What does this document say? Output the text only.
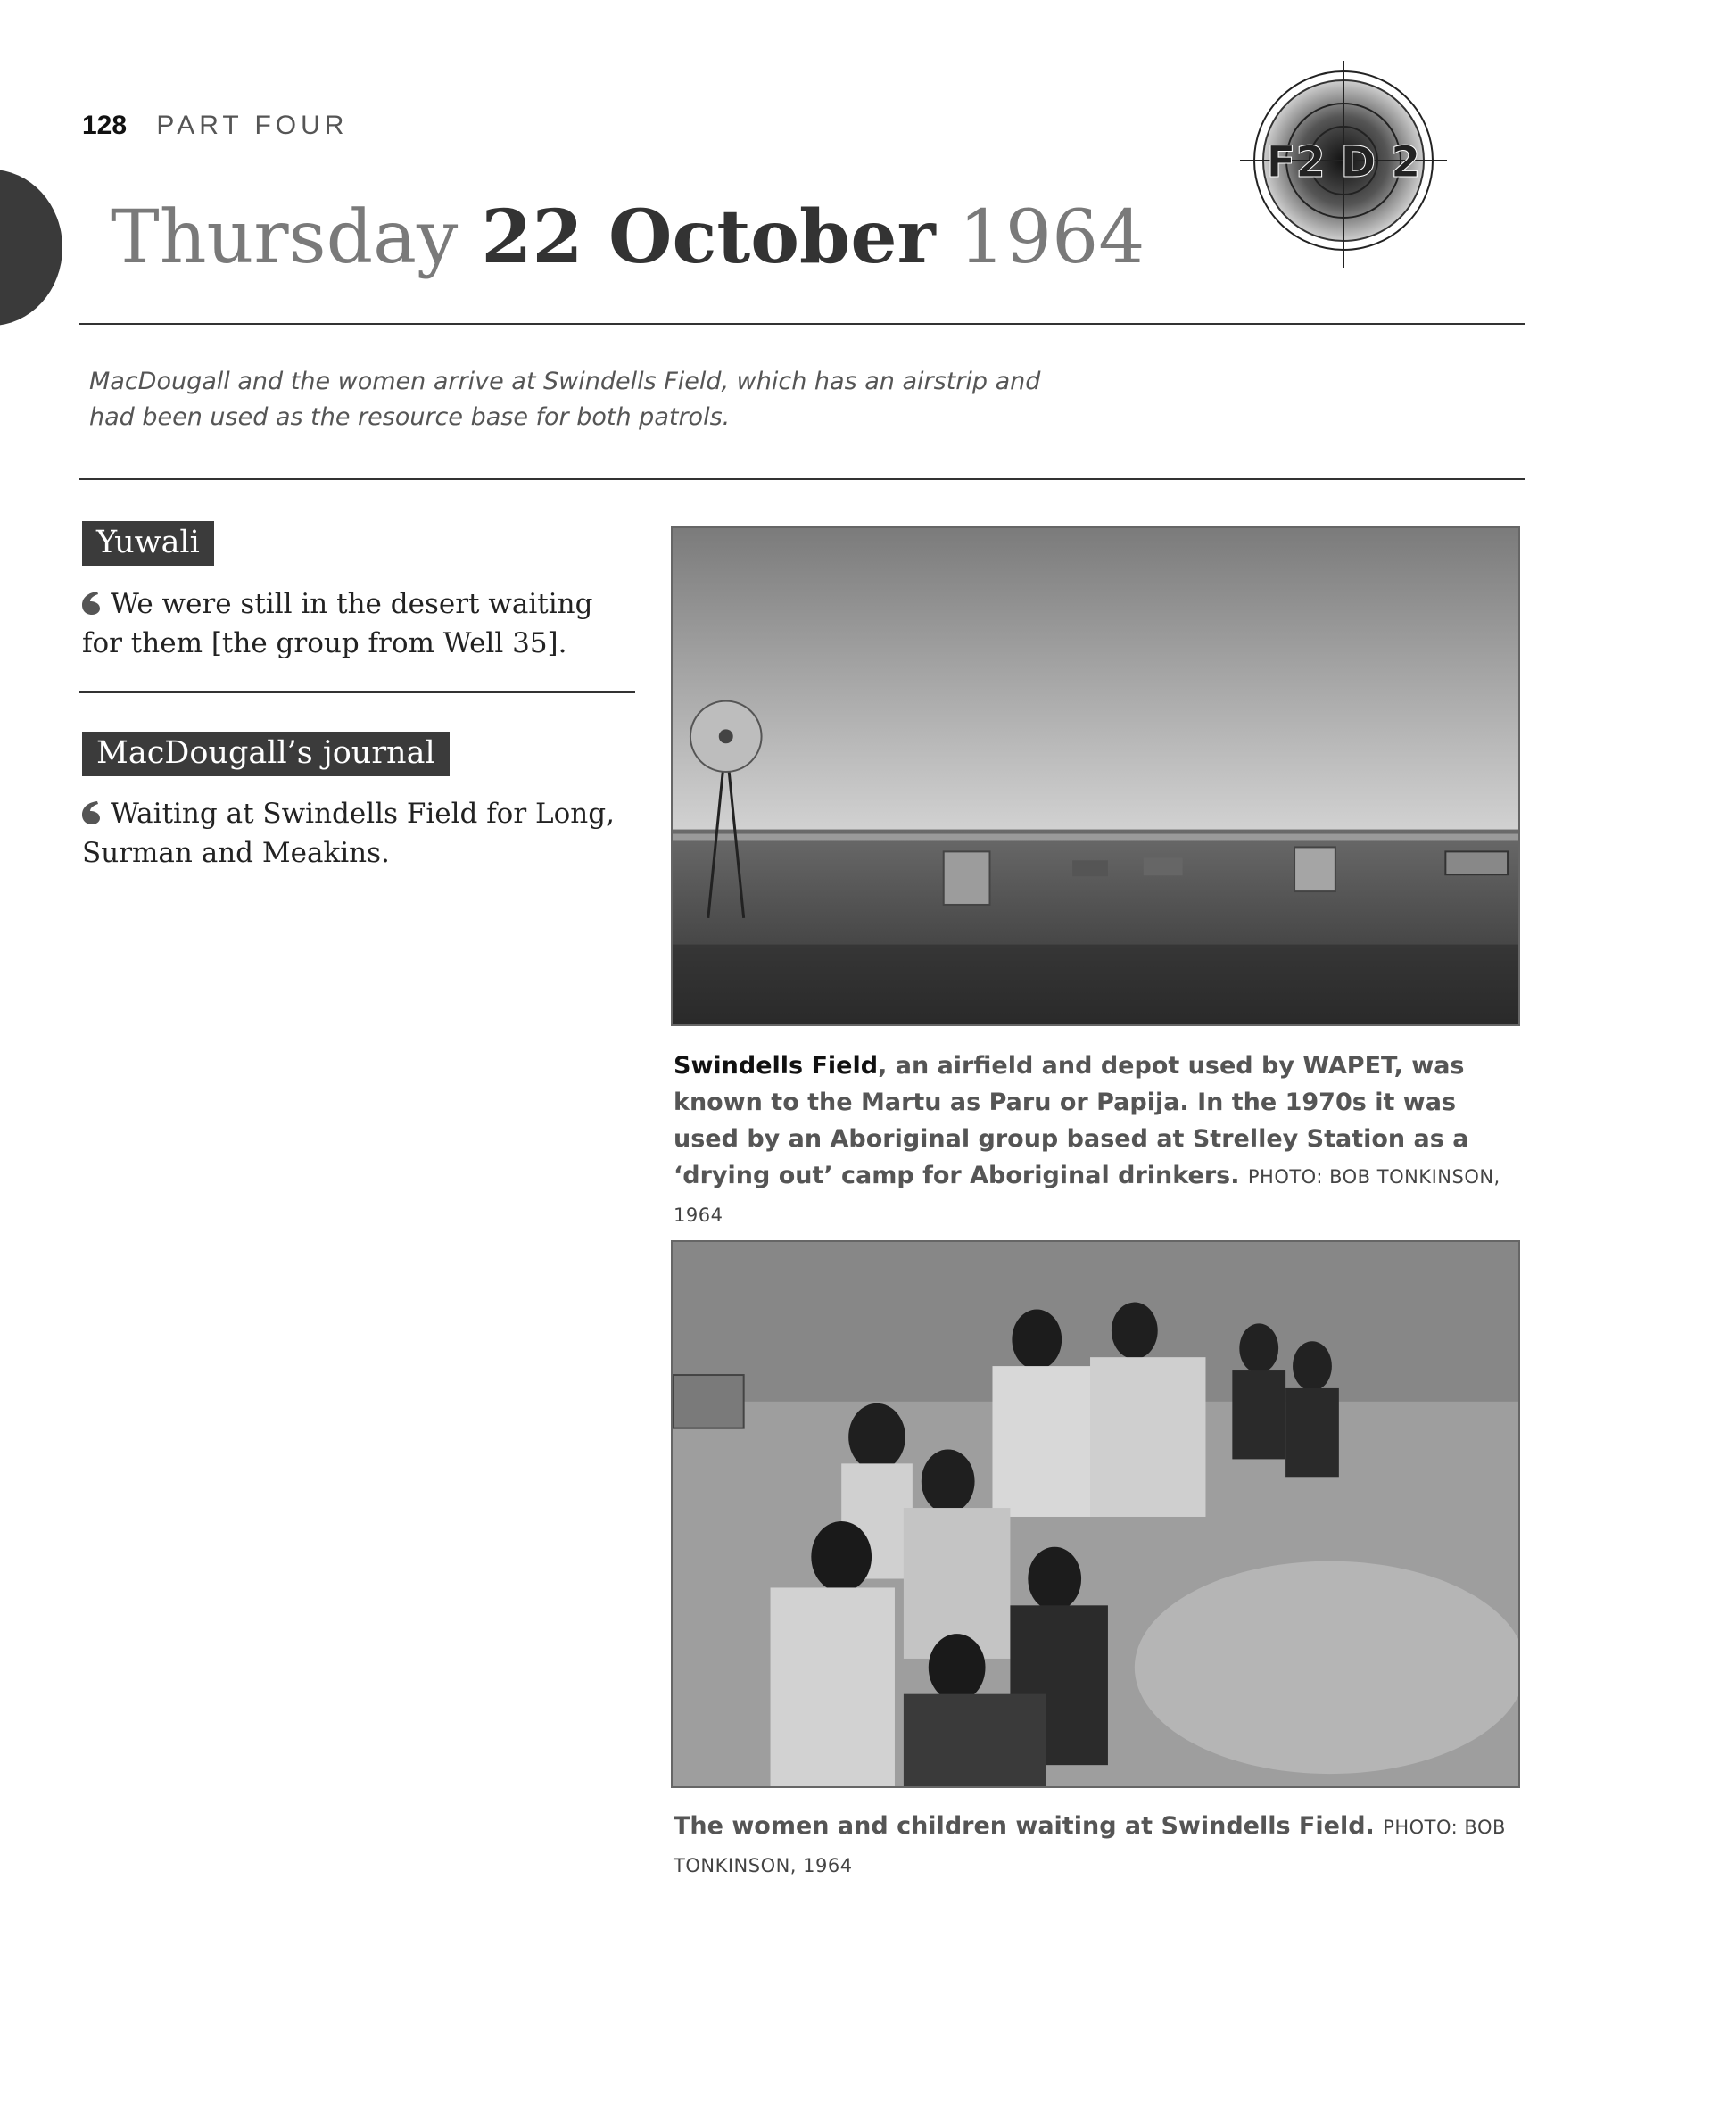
128 PART FOUR
Thursday 22 October 1964
F2 D 2

MacDougall and the women arrive at Swindells Field, which has an airstrip and had been used as the resource base for both patrols.

Yuwali

We were still in the desert waiting for them [the group from Well 35].

MacDougall’s journal

Waiting at Swindells Field for Long, Surman and Meakins.

Swindells Field, an airfield and depot used by WAPET, was known to the Martu as Paru or Papija. In the 1970s it was used by an Aboriginal group based at Strelley Station as a ‘drying out’ camp for Aboriginal drinkers. PHOTO: BOB TONKINSON, 1964

The women and children waiting at Swindells Field. PHOTO: BOB TONKINSON, 1964
